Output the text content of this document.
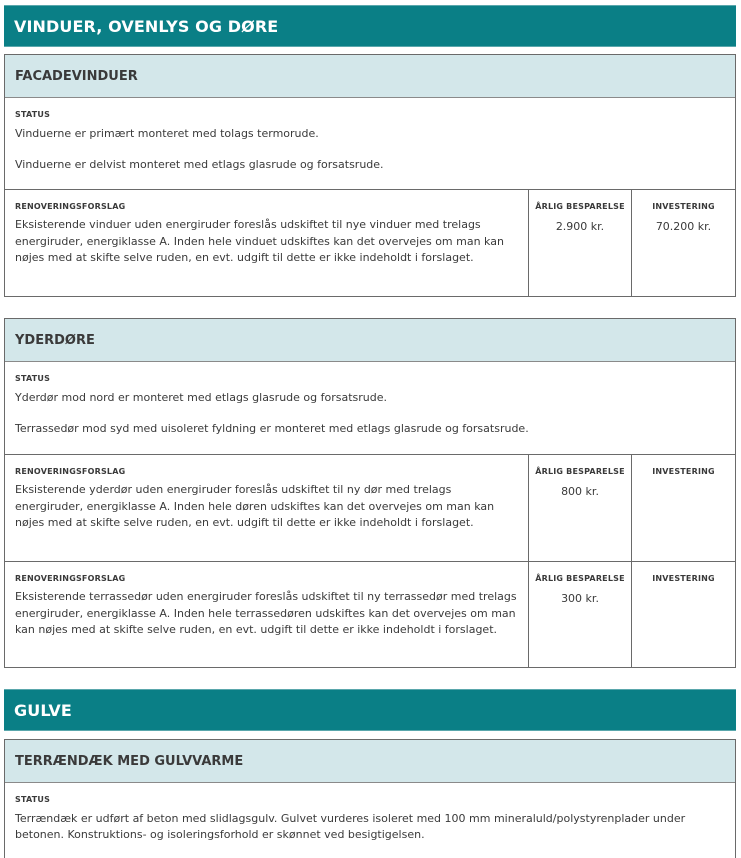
VINDUER, OVENLYS OG DØRE
FACADEVINDUER
STATUS
Vinduerne er primært monteret med tolags termorude.
Vinduerne er delvist monteret med etlags glasrude og forsatsrude.
RENOVERINGSFORSLAG
Eksisterende vinduer uden energiruder foreslås udskiftet til nye vinduer med trelags energiruder, energiklasse A. Inden hele vinduet udskiftes kan det overvejes om man kan nøjes med at skifte selve ruden, en evt. udgift til dette er ikke indeholdt i forslaget.
ÅRLIG BESPARELSE
2.900 kr.
INVESTERING
70.200 kr.
YDERDØRE
STATUS
Yderdør mod nord er monteret med etlags glasrude og forsatsrude.
Terrassedør mod syd med uisoleret fyldning er monteret med etlags glasrude og forsatsrude.
RENOVERINGSFORSLAG
Eksisterende yderdør uden energiruder foreslås udskiftet til ny dør med trelags energiruder, energiklasse A. Inden hele døren udskiftes kan det overvejes om man kan nøjes med at skifte selve ruden, en evt. udgift til dette er ikke indeholdt i forslaget.
ÅRLIG BESPARELSE
800 kr.
INVESTERING
RENOVERINGSFORSLAG
Eksisterende terrassedør uden energiruder foreslås udskiftet til ny terrassedør med trelags energiruder, energiklasse A. Inden hele terrassedøren udskiftes kan det overvejes om man kan nøjes med at skifte selve ruden, en evt. udgift til dette er ikke indeholdt i forslaget.
ÅRLIG BESPARELSE
300 kr.
INVESTERING
GULVE
TERRÆNDÆK MED GULVVARME
STATUS
Terrændæk er udført af beton med slidlagsgulv. Gulvet vurderes isoleret med 100 mm mineraluld/polystyrenplader under betonen. Konstruktions- og isoleringsforhold er skønnet ved besigtigelsen.
